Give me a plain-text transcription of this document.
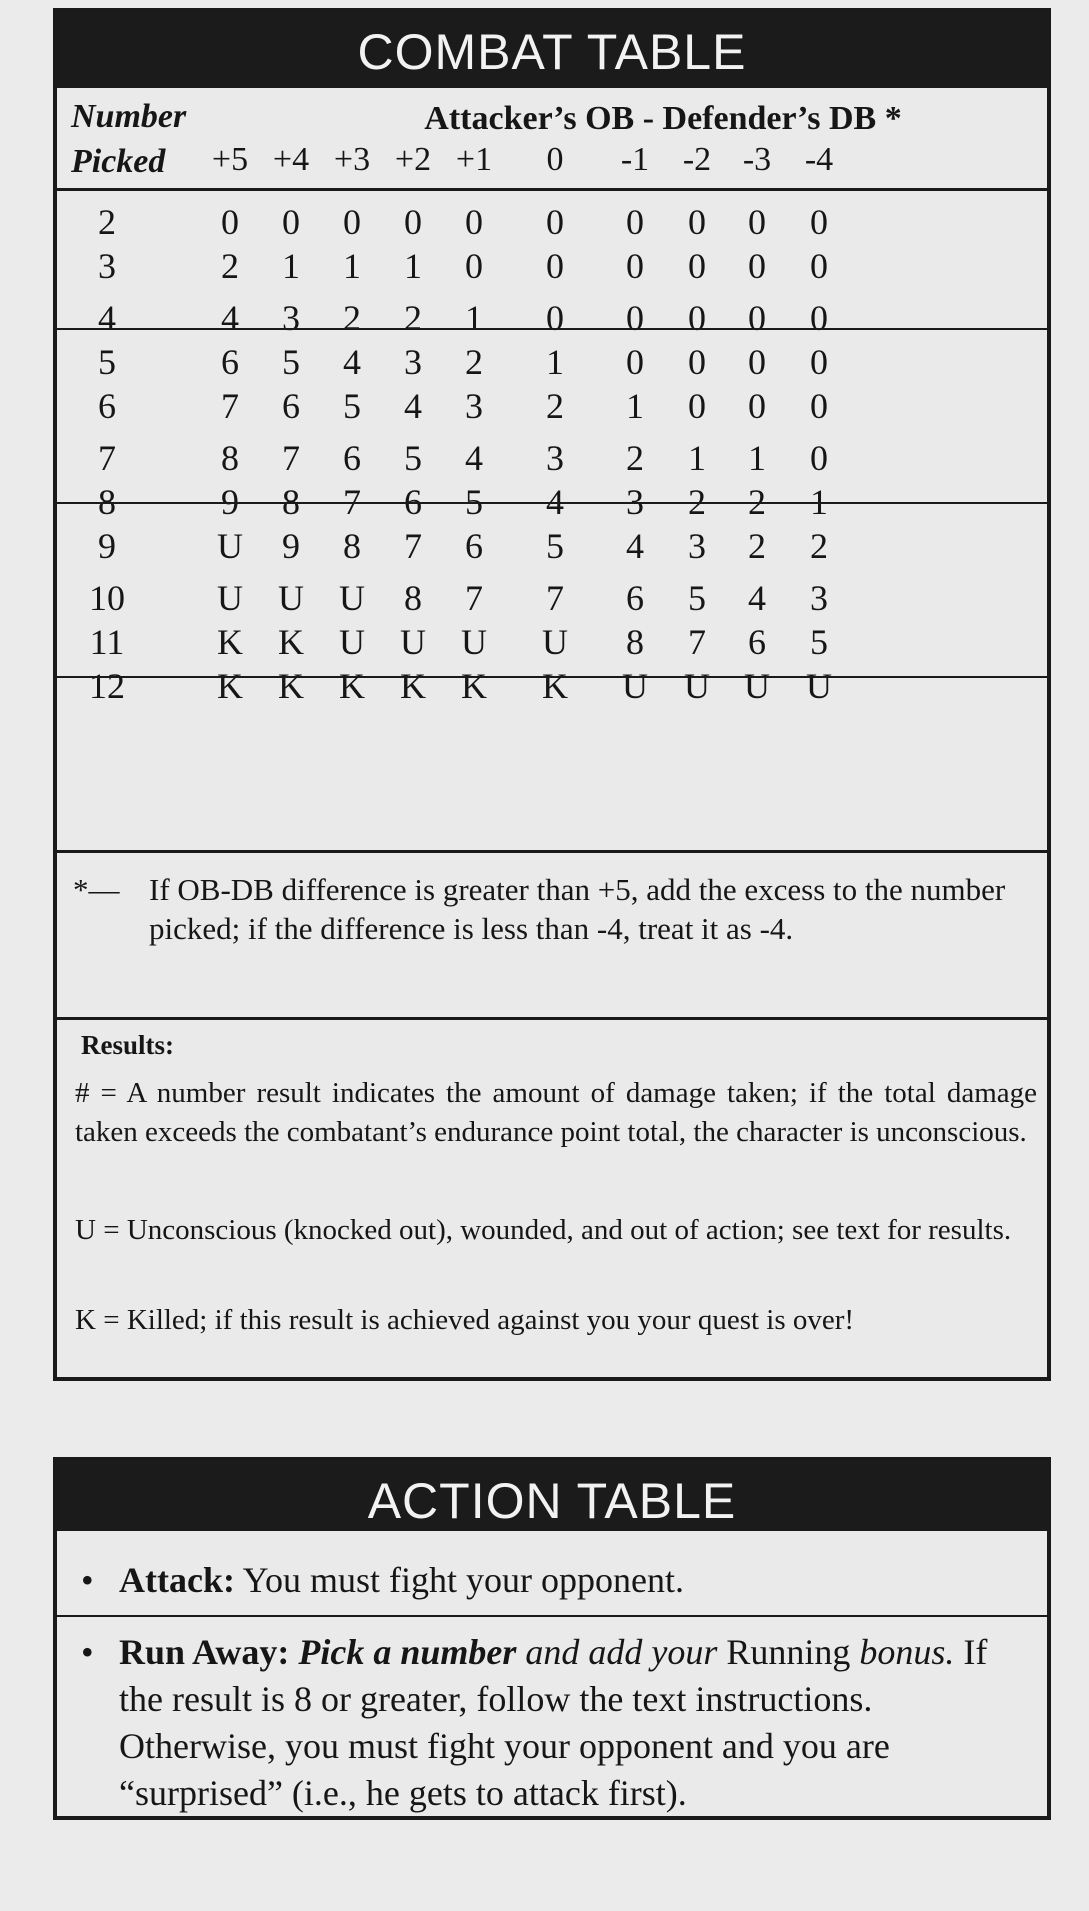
COMBAT TABLE
Number
Picked
Attacker’s OB - Defender’s DB *
+5 +4 +3 +2 +1	0	-1 -2 -3 -4
2	0	0	0	0	0	0	0	0	0	0
3	2	1	1	1	0	0	0	0	0	0
4	4	3	2	2	1	0	0	0	0	0
5	6	5	4	3	2	1	0	0	0	0
6	7	6	5	4	3	2	1	0	0	0
7	8	7	6	5	4	3	2	1	1	0
8	9	8	7	6	5	4	3	2	2	1
9	U	9	8	7	6	5	4	3	2	2
10	U U U	8	7	7	6	5	4	3
11	K K U U U	U	8	7	6	5
12	K K K K K	K	U	U U	U
*— If OB-DB difference is greater than +5, add the excess to the number picked; if the difference is less than -4, treat it as -4.
Results:
# = A number result indicates the amount of damage taken; if the total damage taken exceeds the combatant’s endurance point total, the character is unconscious.
U = Unconscious (knocked out), wounded, and out of action; see text for results.
K = Killed; if this result is achieved against you your quest is over!
ACTION TABLE
• Attack: You must fight your opponent.
• Run Away: Pick a number and add your Running bonus. If the result is 8 or greater, follow the text instructions. Otherwise, you must fight your opponent and you are “surprised” (i.e., he gets to attack first).
